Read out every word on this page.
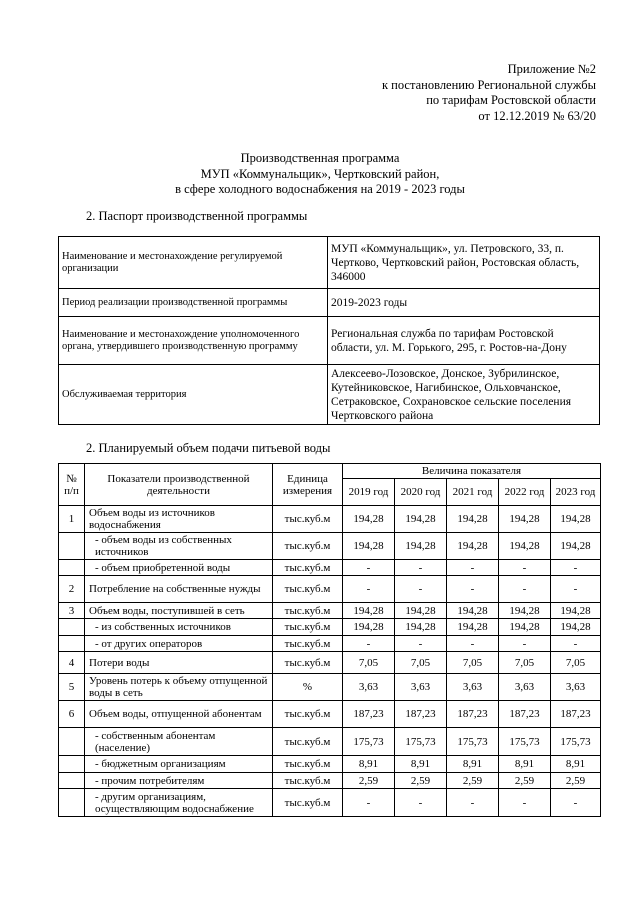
Приложение №2
к постановлению Региональной службы
по тарифам Ростовской области
от 12.12.2019 № 63/20
Производственная программа
МУП «Коммунальщик», Чертковский район,
в сфере холодного водоснабжения на 2019 - 2023 годы
2. Паспорт производственной программы
Наименование и местонахождение регулируемой организации	МУП «Коммунальщик», ул. Петровского, 33, п. Чертково, Чертковский район, Ростовская область, 346000
Период реализации производственной программы	2019-2023 годы
Наименование и местонахождение уполномоченного органа, утвердившего производственную программу	Региональная служба по тарифам Ростовской области, ул. М. Горького, 295, г. Ростов-на-Дону
Обслуживаемая территория	Алексеево-Лозовское, Донское, Зубрилинское, Кутейниковское, Нагибинское, Ольховчанское, Сетраковское, Сохрановское сельские поселения Чертковского района
2. Планируемый объем подачи питьевой воды
№ п/п	Показатели производственной деятельности	Единица измерения	Величина показателя				
			2019 год	2020 год	2021 год	2022 год	2023 год
1	Объем воды из источников водоснабжения	тыс.куб.м	194,28	194,28	194,28	194,28	194,28
	- объем воды из собственных источников	тыс.куб.м	194,28	194,28	194,28	194,28	194,28
	- объем приобретенной воды	тыс.куб.м	-	-	-	-	-
2	Потребление на собственные нужды	тыс.куб.м	-	-	-	-	-
3	Объем воды, поступившей в сеть	тыс.куб.м	194,28	194,28	194,28	194,28	194,28
	- из собственных источников	тыс.куб.м	194,28	194,28	194,28	194,28	194,28
	- от других операторов	тыс.куб.м	-	-	-	-	-
4	Потери воды	тыс.куб.м	7,05	7,05	7,05	7,05	7,05
5	Уровень потерь к объему отпущенной воды в сеть	%	3,63	3,63	3,63	3,63	3,63
6	Объем воды, отпущенной абонентам	тыс.куб.м	187,23	187,23	187,23	187,23	187,23
	- собственным абонентам (население)	тыс.куб.м	175,73	175,73	175,73	175,73	175,73
	- бюджетным организациям	тыс.куб.м	8,91	8,91	8,91	8,91	8,91
	- прочим потребителям	тыс.куб.м	2,59	2,59	2,59	2,59	2,59
	- другим организациям, осуществляющим водоснабжение	тыс.куб.м	-	-	-	-	-
